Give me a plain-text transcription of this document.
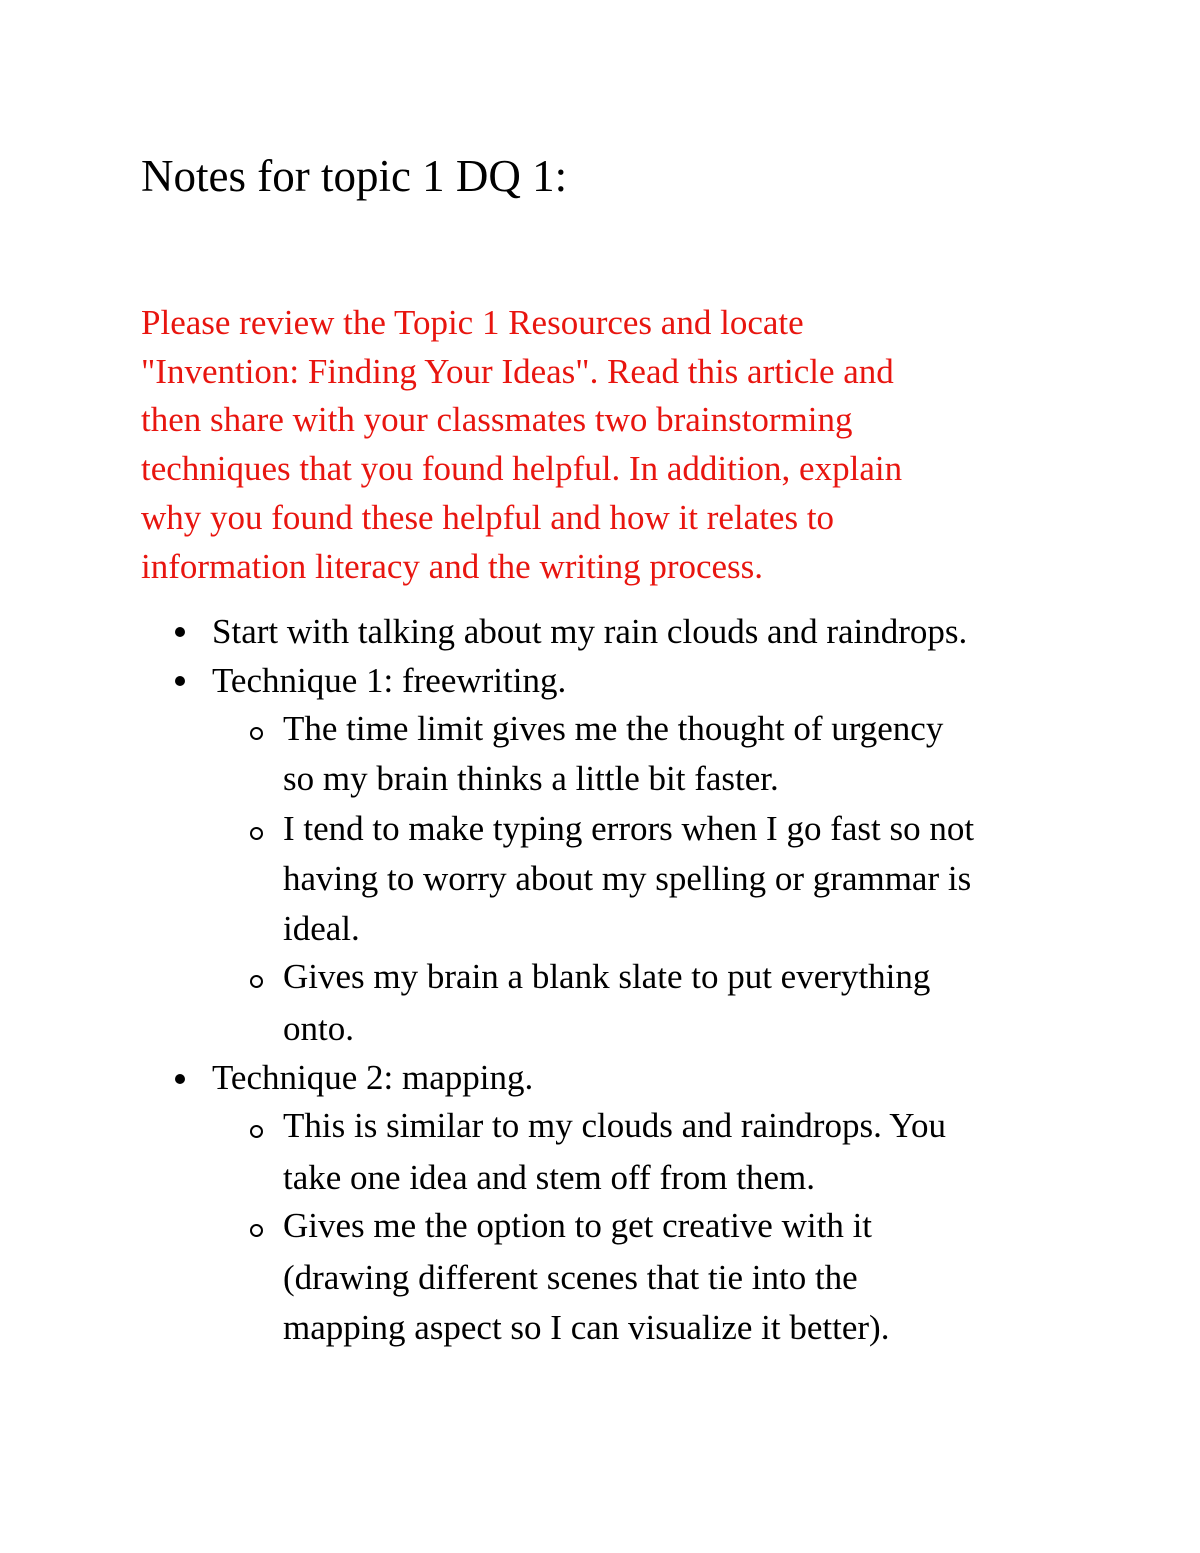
Notes for topic 1 DQ 1:
Please review the Topic 1 Resources and locate
"Invention: Finding Your Ideas". Read this article and
then share with your classmates two brainstorming
techniques that you found helpful. In addition, explain
why you found these helpful and how it relates to
information literacy and the writing process.
Start with talking about my rain clouds and raindrops.
Technique 1: freewriting.
The time limit gives me the thought of urgency
so my brain thinks a little bit faster.
I tend to make typing errors when I go fast so not
having to worry about my spelling or grammar is
ideal.
Gives my brain a blank slate to put everything
onto.
Technique 2: mapping.
This is similar to my clouds and raindrops. You
take one idea and stem off from them.
Gives me the option to get creative with it
(drawing different scenes that tie into the
mapping aspect so I can visualize it better).
